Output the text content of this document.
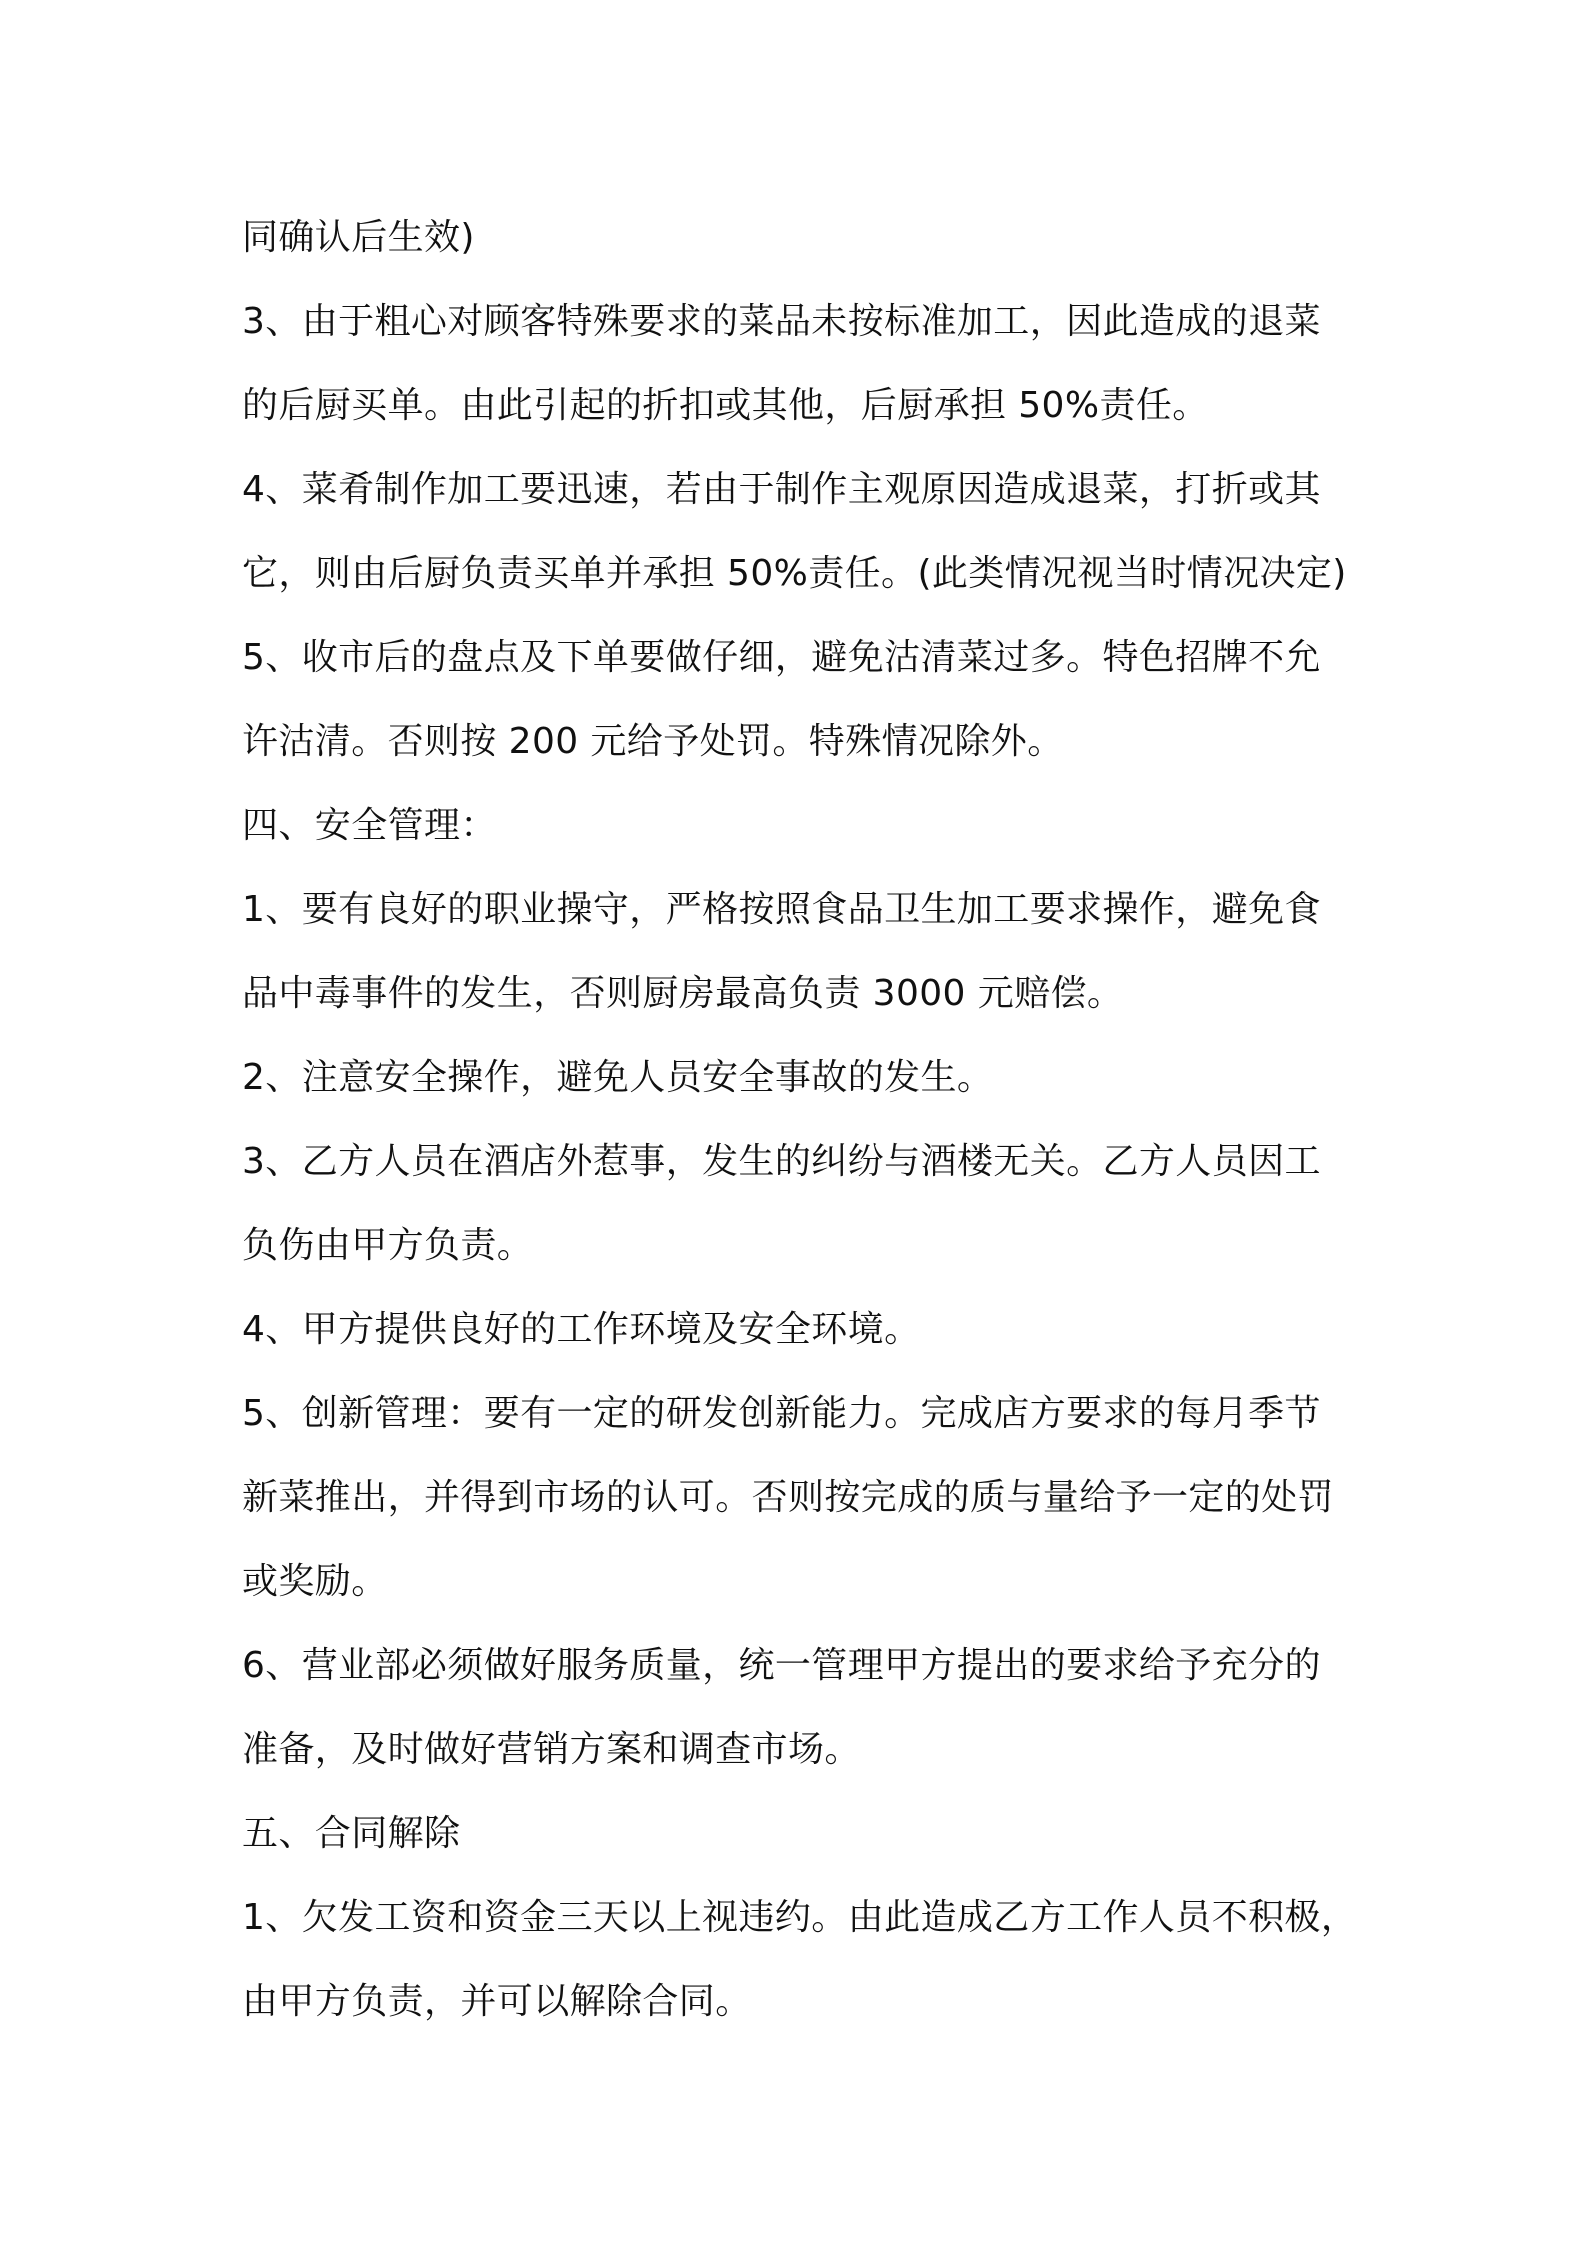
同确认后生效)
3、由于粗心对顾客特殊要求的菜品未按标准加工，因此造成的退菜
的后厨买单。由此引起的折扣或其他，后厨承担 50%责任。
4、菜肴制作加工要迅速，若由于制作主观原因造成退菜，打折或其
它，则由后厨负责买单并承担 50%责任。(此类情况视当时情况决定)
5、收市后的盘点及下单要做仔细，避免沽清菜过多。特色招牌不允
许沽清。否则按 200 元给予处罚。特殊情况除外。
四、安全管理：
1、要有良好的职业操守，严格按照食品卫生加工要求操作，避免食
品中毒事件的发生，否则厨房最高负责 3000 元赔偿。
2、注意安全操作，避免人员安全事故的发生。
3、乙方人员在酒店外惹事，发生的纠纷与酒楼无关。乙方人员因工
负伤由甲方负责。
4、甲方提供良好的工作环境及安全环境。
5、创新管理：要有一定的研发创新能力。完成店方要求的每月季节
新菜推出，并得到市场的认可。否则按完成的质与量给予一定的处罚
或奖励。
6、营业部必须做好服务质量，统一管理甲方提出的要求给予充分的
准备，及时做好营销方案和调查市场。
五、合同解除
1、欠发工资和资金三天以上视违约。由此造成乙方工作人员不积极，
由甲方负责，并可以解除合同。
